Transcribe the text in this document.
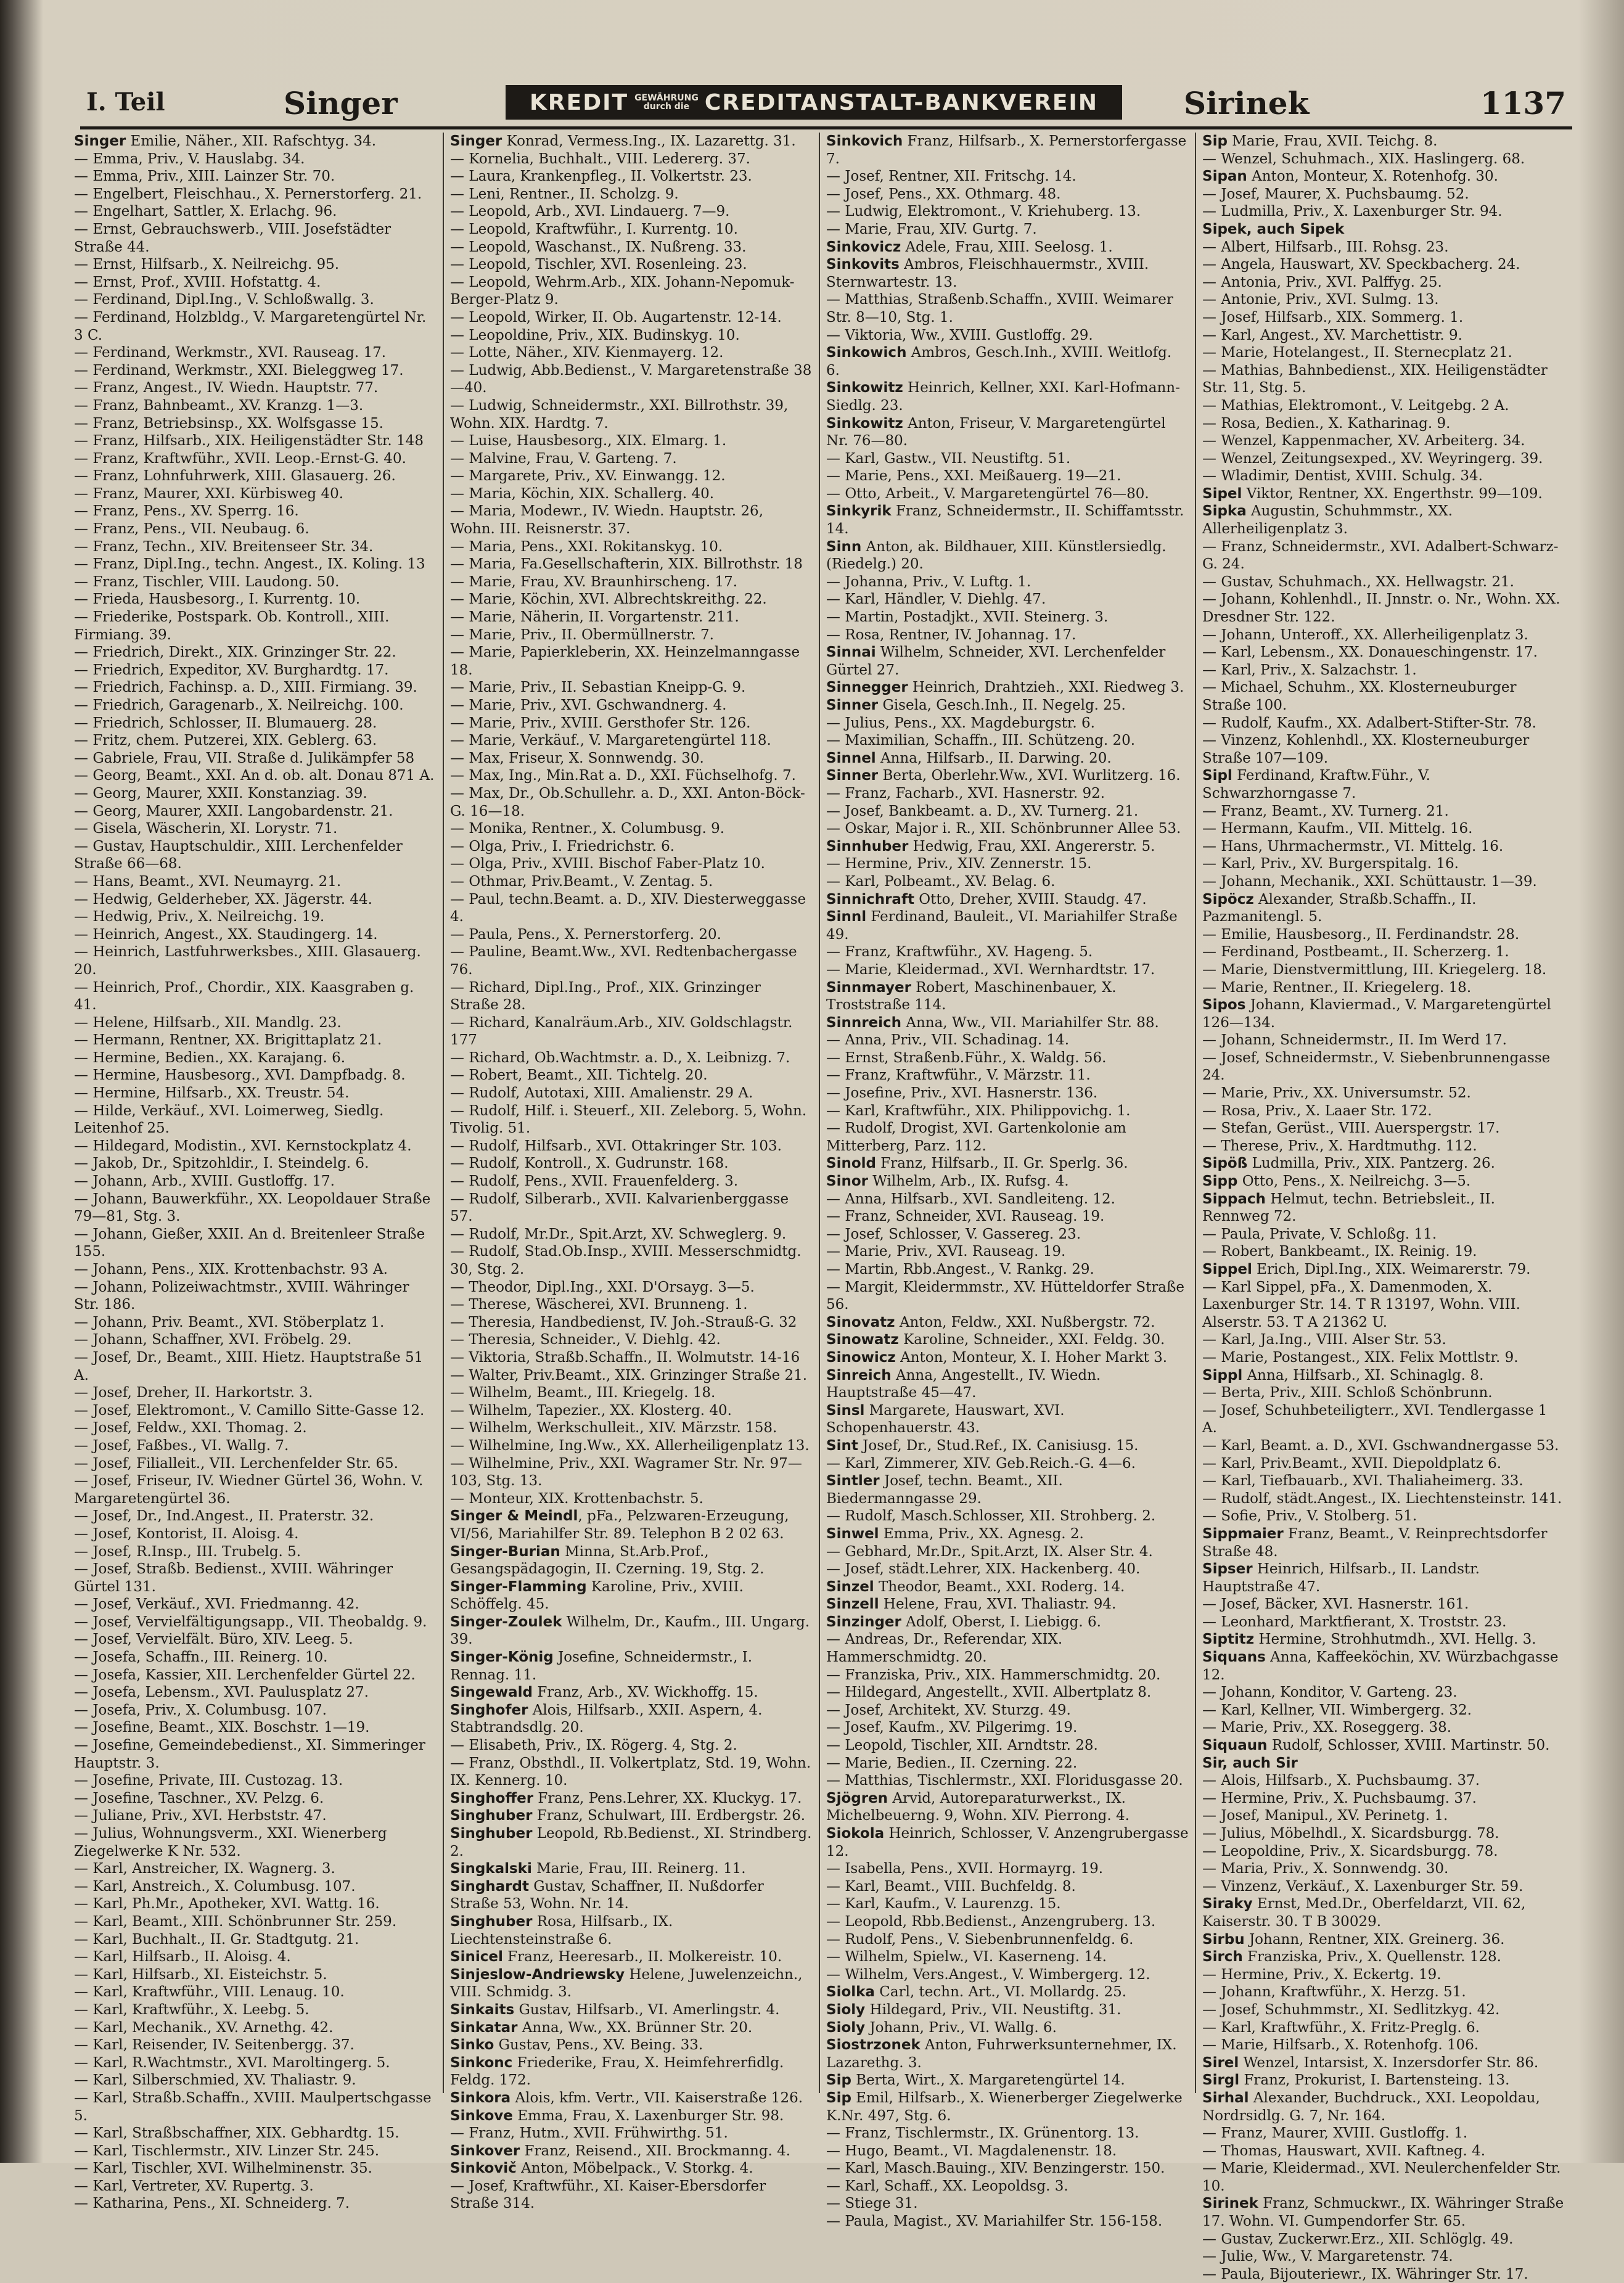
I. Teil	Singer	KREDIT GEWÄHRUNG
durch die CREDITANSTALT-BANKVEREIN	Sirinek	1137

Singer Emilie, Näher., XII. Rafschtyg. 34.

— Emma, Priv., V. Hauslabg. 34.

— Emma, Priv., XIII. Lainzer Str. 70.

— Engelbert, Fleischhau., X. Pernerstorferg. 21.

— Engelhart, Sattler, X. Erlachg. 96.

— Ernst, Gebrauchswerb., VIII. Josefstädter Straße 44.

— Ernst, Hilfsarb., X. Neilreichg. 95.

— Ernst, Prof., XVIII. Hofstattg. 4.

— Ferdinand, Dipl.Ing., V. Schloßwallg. 3.

— Ferdinand, Holzbldg., V. Margaretengürtel Nr. 3 C.

— Ferdinand, Werkmstr., XVI. Rauseag. 17.

— Ferdinand, Werkmstr., XXI. Bieleggweg 17.

— Franz, Angest., IV. Wiedn. Hauptstr. 77.

— Franz, Bahnbeamt., XV. Kranzg. 1—3.

— Franz, Betriebsinsp., XX. Wolfsgasse 15.

— Franz, Hilfsarb., XIX. Heiligenstädter Str. 148

— Franz, Kraftwführ., XVII. Leop.-Ernst-G. 40.

— Franz, Lohnfuhrwerk, XIII. Glasauerg. 26.

— Franz, Maurer, XXI. Kürbisweg 40.

— Franz, Pens., XV. Sperrg. 16.

— Franz, Pens., VII. Neubaug. 6.

— Franz, Techn., XIV. Breitenseer Str. 34.

— Franz, Dipl.Ing., techn. Angest., IX. Koling. 13

— Franz, Tischler, VIII. Laudong. 50.

— Frieda, Hausbesorg., I. Kurrentg. 10.

— Friederike, Postspark. Ob. Kontroll., XIII. Firmiang. 39.

— Friedrich, Direkt., XIX. Grinzinger Str. 22.

— Friedrich, Expeditor, XV. Burghardtg. 17.

— Friedrich, Fachinsp. a. D., XIII. Firmiang. 39.

— Friedrich, Garagenarb., X. Neilreichg. 100.

— Friedrich, Schlosser, II. Blumauerg. 28.

— Fritz, chem. Putzerei, XIX. Geblerg. 63.

— Gabriele, Frau, VII. Straße d. Julikämpfer 58

— Georg, Beamt., XXI. An d. ob. alt. Donau 871 A.

— Georg, Maurer, XXII. Konstanziag. 39.

— Georg, Maurer, XXII. Langobardenstr. 21.

— Gisela, Wäscherin, XI. Lorystr. 71.

— Gustav, Hauptschuldir., XIII. Lerchenfelder Straße 66—68.

— Hans, Beamt., XVI. Neumayrg. 21.

— Hedwig, Gelderheber, XX. Jägerstr. 44.

— Hedwig, Priv., X. Neilreichg. 19.

— Heinrich, Angest., XX. Staudingerg. 14.

— Heinrich, Lastfuhrwerksbes., XIII. Glasauerg. 20.

— Heinrich, Prof., Chordir., XIX. Kaasgraben g. 41.

— Helene, Hilfsarb., XII. Mandlg. 23.

— Hermann, Rentner, XX. Brigittaplatz 21.

— Hermine, Bedien., XX. Karajang. 6.

— Hermine, Hausbesorg., XVI. Dampfbadg. 8.

— Hermine, Hilfsarb., XX. Treustr. 54.

— Hilde, Verkäuf., XVI. Loimerweg, Siedlg. Leitenhof 25.

— Hildegard, Modistin., XVI. Kernstockplatz 4.

— Jakob, Dr., Spitzohldir., I. Steindelg. 6.

— Johann, Arb., XVIII. Gustloffg. 17.

— Johann, Bauwerkführ., XX. Leopoldauer Straße 79—81, Stg. 3.

— Johann, Gießer, XXII. An d. Breitenleer Straße 155.

— Johann, Pens., XIX. Krottenbachstr. 93 A.

— Johann, Polizeiwachtmstr., XVIII. Währinger Str. 186.

— Johann, Priv. Beamt., XVI. Stöberplatz 1.

— Johann, Schaffner, XVI. Fröbelg. 29.

— Josef, Dr., Beamt., XIII. Hietz. Hauptstraße 51 A.

— Josef, Dreher, II. Harkortstr. 3.

— Josef, Elektromont., V. Camillo Sitte-Gasse 12.

— Josef, Feldw., XXI. Thomag. 2.

— Josef, Faßbes., VI. Wallg. 7.

— Josef, Filialleit., VII. Lerchenfelder Str. 65.

— Josef, Friseur, IV. Wiedner Gürtel 36, Wohn. V. Margaretengürtel 36.

— Josef, Dr., Ind.Angest., II. Praterstr. 32.

— Josef, Kontorist, II. Aloisg. 4.

— Josef, R.Insp., III. Trubelg. 5.

— Josef, Straßb. Bedienst., XVIII. Währinger Gürtel 131.

— Josef, Verkäuf., XVI. Friedmanng. 42.

— Josef, Vervielfältigungsapp., VII. Theobaldg. 9.

— Josef, Vervielfält. Büro, XIV. Leeg. 5.

— Josefa, Schaffn., III. Reinerg. 10.

— Josefa, Kassier, XII. Lerchenfelder Gürtel 22.

— Josefa, Lebensm., XVI. Paulusplatz 27.

— Josefa, Priv., X. Columbusg. 107.

— Josefine, Beamt., XIX. Boschstr. 1—19.

— Josefine, Gemeindebedienst., XI. Simmeringer Hauptstr. 3.

— Josefine, Private, III. Custozag. 13.

— Josefine, Taschner., XV. Pelzg. 6.

— Juliane, Priv., XVI. Herbststr. 47.

— Julius, Wohnungsverm., XXI. Wienerberg Ziegelwerke K Nr. 532.

— Karl, Anstreicher, IX. Wagnerg. 3.

— Karl, Anstreich., X. Columbusg. 107.

— Karl, Ph.Mr., Apotheker, XVI. Wattg. 16.

— Karl, Beamt., XIII. Schönbrunner Str. 259.

— Karl, Buchhalt., II. Gr. Stadtgutg. 21.

— Karl, Hilfsarb., II. Aloisg. 4.

— Karl, Hilfsarb., XI. Eisteichstr. 5.

— Karl, Kraftwführ., VIII. Lenaug. 10.

— Karl, Kraftwführ., X. Leebg. 5.

— Karl, Mechanik., XV. Arnethg. 42.

— Karl, Reisender, IV. Seitenbergg. 37.

— Karl, R.Wachtmstr., XVI. Maroltingerg. 5.

— Karl, Silberschmied, XV. Thaliastr. 9.

— Karl, Straßb.Schaffn., XVIII. Maulpertschgasse 5.

— Karl, Straßbschaffner, XIX. Gebhardtg. 15.

— Karl, Tischlermstr., XIV. Linzer Str. 245.

— Karl, Tischler, XVI. Wilhelminenstr. 35.

— Karl, Vertreter, XV. Rupertg. 3.

— Katharina, Pens., XI. Schneiderg. 7.

Singer Konrad, Vermess.Ing., IX. Lazarettg. 31.

— Kornelia, Buchhalt., VIII. Ledererg. 37.

— Laura, Krankenpfleg., II. Volkertstr. 23.

— Leni, Rentner., II. Scholzg. 9.

— Leopold, Arb., XVI. Lindauerg. 7—9.

— Leopold, Kraftwführ., I. Kurrentg. 10.

— Leopold, Waschanst., IX. Nußreng. 33.

— Leopold, Tischler, XVI. Rosenleing. 23.

— Leopold, Wehrm.Arb., XIX. Johann-Nepomuk-Berger-Platz 9.

— Leopold, Wirker, II. Ob. Augartenstr. 12-14.

— Leopoldine, Priv., XIX. Budinskyg. 10.

— Lotte, Näher., XIV. Kienmayerg. 12.

— Ludwig, Abb.Bedienst., V. Margaretenstraße 38—40.

— Ludwig, Schneidermstr., XXI. Billrothstr. 39, Wohn. XIX. Hardtg. 7.

— Luise, Hausbesorg., XIX. Elmarg. 1.

— Malvine, Frau, V. Garteng. 7.

— Margarete, Priv., XV. Einwangg. 12.

— Maria, Köchin, XIX. Schallerg. 40.

— Maria, Modewr., IV. Wiedn. Hauptstr. 26, Wohn. III. Reisnerstr. 37.

— Maria, Pens., XXI. Rokitanskyg. 10.

— Maria, Fa.Gesellschafterin, XIX. Billrothstr. 18

— Marie, Frau, XV. Braunhirscheng. 17.

— Marie, Köchin, XVI. Albrechtskreithg. 22.

— Marie, Näherin, II. Vorgartenstr. 211.

— Marie, Priv., II. Obermüllnerstr. 7.

— Marie, Papierkleberin, XX. Heinzelmanngasse 18.

— Marie, Priv., II. Sebastian Kneipp-G. 9.

— Marie, Priv., XVI. Gschwandnerg. 4.

— Marie, Priv., XVIII. Gersthofer Str. 126.

— Marie, Verkäuf., V. Margaretengürtel 118.

— Max, Friseur, X. Sonnwendg. 30.

— Max, Ing., Min.Rat a. D., XXI. Füchselhofg. 7.

— Max, Dr., Ob.Schullehr. a. D., XXI. Anton-Böck-G. 16—18.

— Monika, Rentner., X. Columbusg. 9.

— Olga, Priv., I. Friedrichstr. 6.

— Olga, Priv., XVIII. Bischof Faber-Platz 10.

— Othmar, Priv.Beamt., V. Zentag. 5.

— Paul, techn.Beamt. a. D., XIV. Diesterweggasse 4.

— Paula, Pens., X. Pernerstorferg. 20.

— Pauline, Beamt.Ww., XVI. Redtenbachergasse 76.

— Richard, Dipl.Ing., Prof., XIX. Grinzinger Straße 28.

— Richard, Kanalräum.Arb., XIV. Goldschlagstr. 177

— Richard, Ob.Wachtmstr. a. D., X. Leibnizg. 7.

— Robert, Beamt., XII. Tichtelg. 20.

— Rudolf, Autotaxi, XIII. Amalienstr. 29 A.

— Rudolf, Hilf. i. Steuerf., XII. Zeleborg. 5, Wohn. Tivolig. 51.

— Rudolf, Hilfsarb., XVI. Ottakringer Str. 103.

— Rudolf, Kontroll., X. Gudrunstr. 168.

— Rudolf, Pens., XVII. Frauenfelderg. 3.

— Rudolf, Silberarb., XVII. Kalvarienberggasse 57.

— Rudolf, Mr.Dr., Spit.Arzt, XV. Schweglerg. 9.

— Rudolf, Stad.Ob.Insp., XVIII. Messerschmidtg. 30, Stg. 2.

— Theodor, Dipl.Ing., XXI. D'Orsayg. 3—5.

— Therese, Wäscherei, XVI. Brunneng. 1.

— Theresia, Handbedienst, IV. Joh.-Strauß-G. 32

— Theresia, Schneider., V. Diehlg. 42.

— Viktoria, Straßb.Schaffn., II. Wolmutstr. 14-16

— Walter, Priv.Beamt., XIX. Grinzinger Straße 21.

— Wilhelm, Beamt., III. Kriegelg. 18.

— Wilhelm, Tapezier., XX. Klosterg. 40.

— Wilhelm, Werkschulleit., XIV. Märzstr. 158.

— Wilhelmine, Ing.Ww., XX. Allerheiligenplatz 13.

— Wilhelmine, Priv., XXI. Wagramer Str. Nr. 97—103, Stg. 13.

— Monteur, XIX. Krottenbachstr. 5.

Singer & Meindl, pFa., Pelzwaren-Erzeugung, VI/56, Mariahilfer Str. 89. Telephon B 2 02 63.

Singer-Burian Minna, St.Arb.Prof., Gesangspädagogin, II. Czerning. 19, Stg. 2.

Singer-Flamming Karoline, Priv., XVIII. Schöffelg. 45.

Singer-Zoulek Wilhelm, Dr., Kaufm., III. Ungarg. 39.

Singer-König Josefine, Schneidermstr., I. Rennag. 11.

Singewald Franz, Arb., XV. Wickhoffg. 15.

Singhofer Alois, Hilfsarb., XXII. Aspern, 4. Stabtrandsdlg. 20.

— Elisabeth, Priv., IX. Rögerg. 4, Stg. 2.

— Franz, Obsthdl., II. Volkertplatz, Std. 19, Wohn. IX. Kennerg. 10.

Singhoffer Franz, Pens.Lehrer, XX. Kluckyg. 17.

Singhuber Franz, Schulwart, III. Erdbergstr. 26.

Singhuber Leopold, Rb.Bedienst., XI. Strindberg. 2.

Singkalski Marie, Frau, III. Reinerg. 11.

Singhardt Gustav, Schaffner, II. Nußdorfer Straße 53, Wohn. Nr. 14.

Singhuber Rosa, Hilfsarb., IX. Liechtensteinstraße 6.

Sinicel Franz, Heeresarb., II. Molkereistr. 10.

Sinjeslow-Andriewsky Helene, Juwelenzeichn., VIII. Schmidg. 3.

Sinkaits Gustav, Hilfsarb., VI. Amerlingstr. 4.

Sinkatar Anna, Ww., XX. Brünner Str. 20.

Sinko Gustav, Pens., XV. Being. 33.

Sinkonc Friederike, Frau, X. Heimfehrerfidlg. Feldg. 172.

Sinkora Alois, kfm. Vertr., VII. Kaiserstraße 126.

Sinkove Emma, Frau, X. Laxenburger Str. 98.

— Franz, Hutm., XVII. Frühwirthg. 51.

Sinkover Franz, Reisend., XII. Brockmanng. 4.

Sinkovič Anton, Möbelpack., V. Storkg. 4.

— Josef, Kraftwführ., XI. Kaiser-Ebersdorfer Straße 314.

Sinkovich Franz, Hilfsarb., X. Pernerstorfergasse 7.

— Josef, Rentner, XII. Fritschg. 14.

— Josef, Pens., XX. Othmarg. 48.

— Ludwig, Elektromont., V. Kriehuberg. 13.

— Marie, Frau, XIV. Gurtg. 7.

Sinkovicz Adele, Frau, XIII. Seelosg. 1.

Sinkovits Ambros, Fleischhauermstr., XVIII. Sternwartestr. 13.

— Matthias, Straßenb.Schaffn., XVIII. Weimarer Str. 8—10, Stg. 1.

— Viktoria, Ww., XVIII. Gustloffg. 29.

Sinkowich Ambros, Gesch.Inh., XVIII. Weitlofg. 6.

Sinkowitz Heinrich, Kellner, XXI. Karl-Hofmann-Siedlg. 23.

Sinkowitz Anton, Friseur, V. Margaretengürtel Nr. 76—80.

— Karl, Gastw., VII. Neustiftg. 51.

— Marie, Pens., XXI. Meißauerg. 19—21.

— Otto, Arbeit., V. Margaretengürtel 76—80.

Sinkyrik Franz, Schneidermstr., II. Schiffamtsstr. 14.

Sinn Anton, ak. Bildhauer, XIII. Künstlersiedlg. (Riedelg.) 20.

— Johanna, Priv., V. Luftg. 1.

— Karl, Händler, V. Diehlg. 47.

— Martin, Postadjkt., XVII. Steinerg. 3.

— Rosa, Rentner, IV. Johannag. 17.

Sinnai Wilhelm, Schneider, XVI. Lerchenfelder Gürtel 27.

Sinnegger Heinrich, Drahtzieh., XXI. Riedweg 3.

Sinner Gisela, Gesch.Inh., II. Negelg. 25.

— Julius, Pens., XX. Magdeburgstr. 6.

— Maximilian, Schaffn., III. Schützeng. 20.

Sinnel Anna, Hilfsarb., II. Darwing. 20.

Sinner Berta, Oberlehr.Ww., XVI. Wurlitzerg. 16.

— Franz, Facharb., XVI. Hasnerstr. 92.

— Josef, Bankbeamt. a. D., XV. Turnerg. 21.

— Oskar, Major i. R., XII. Schönbrunner Allee 53.

Sinnhuber Hedwig, Frau, XXI. Angererstr. 5.

— Hermine, Priv., XIV. Zennerstr. 15.

— Karl, Polbeamt., XV. Belag. 6.

Sinnichraft Otto, Dreher, XVIII. Staudg. 47.

Sinnl Ferdinand, Bauleit., VI. Mariahilfer Straße 49.

— Franz, Kraftwführ., XV. Hageng. 5.

— Marie, Kleidermad., XVI. Wernhardtstr. 17.

Sinnmayer Robert, Maschinenbauer, X. Troststraße 114.

Sinnreich Anna, Ww., VII. Mariahilfer Str. 88.

— Anna, Priv., VII. Schadinag. 14.

— Ernst, Straßenb.Führ., X. Waldg. 56.

— Franz, Kraftwführ., V. Märzstr. 11.

— Josefine, Priv., XVI. Hasnerstr. 136.

— Karl, Kraftwführ., XIX. Philippovichg. 1.

— Rudolf, Drogist, XVI. Gartenkolonie am Mitterberg, Parz. 112.

Sinold Franz, Hilfsarb., II. Gr. Sperlg. 36.

Sinor Wilhelm, Arb., IX. Rufsg. 4.

— Anna, Hilfsarb., XVI. Sandleiteng. 12.

— Franz, Schneider, XVI. Rauseag. 19.

— Josef, Schlosser, V. Gassereg. 23.

— Marie, Priv., XVI. Rauseag. 19.

— Martin, Rbb.Angest., V. Rankg. 29.

— Margit, Kleidermmstr., XV. Hütteldorfer Straße 56.

Sinovatz Anton, Feldw., XXI. Nußbergstr. 72.

Sinowatz Karoline, Schneider., XXI. Feldg. 30.

Sinowicz Anton, Monteur, X. I. Hoher Markt 3.

Sinreich Anna, Angestellt., IV. Wiedn. Hauptstraße 45—47.

Sinsl Margarete, Hauswart, XVI. Schopenhauerstr. 43.

Sint Josef, Dr., Stud.Ref., IX. Canisiusg. 15.

— Karl, Zimmerer, XIV. Geb.Reich.-G. 4—6.

Sintler Josef, techn. Beamt., XII. Biedermanngasse 29.

— Rudolf, Masch.Schlosser, XII. Strohberg. 2.

Sinwel Emma, Priv., XX. Agnesg. 2.

— Gebhard, Mr.Dr., Spit.Arzt, IX. Alser Str. 4.

— Josef, städt.Lehrer, XIX. Hackenberg. 40.

Sinzel Theodor, Beamt., XXI. Roderg. 14.

Sinzell Helene, Frau, XVI. Thaliastr. 94.

Sinzinger Adolf, Oberst, I. Liebigg. 6.

— Andreas, Dr., Referendar, XIX. Hammerschmidtg. 20.

— Franziska, Priv., XIX. Hammerschmidtg. 20.

— Hildegard, Angestellt., XVII. Albertplatz 8.

— Josef, Architekt, XV. Sturzg. 49.

— Josef, Kaufm., XV. Pilgerimg. 19.

— Leopold, Tischler, XII. Arndtstr. 28.

— Marie, Bedien., II. Czerning. 22.

— Matthias, Tischlermstr., XXI. Floridusgasse 20.

Sjögren Arvid, Autoreparaturwerkst., IX. Michelbeuerng. 9, Wohn. XIV. Pierrong. 4.

Siokola Heinrich, Schlosser, V. Anzengrubergasse 12.

— Isabella, Pens., XVII. Hormayrg. 19.

— Karl, Beamt., VIII. Buchfeldg. 8.

— Karl, Kaufm., V. Laurenzg. 15.

— Leopold, Rbb.Bedienst., Anzengruberg. 13.

— Rudolf, Pens., V. Siebenbrunnenfeldg. 6.

— Wilhelm, Spielw., VI. Kaserneng. 14.

— Wilhelm, Vers.Angest., V. Wimbergerg. 12.

Siolka Carl, techn. Art., VI. Mollardg. 25.

Sioly Hildegard, Priv., VII. Neustiftg. 31.

Sioly Johann, Priv., VI. Wallg. 6.

Siostrzonek Anton, Fuhrwerksunternehmer, IX. Lazarethg. 3.

Sip Berta, Wirt., X. Margaretengürtel 14.

Sip Emil, Hilfsarb., X. Wienerberger Ziegelwerke K.Nr. 497, Stg. 6.

— Franz, Tischlermstr., IX. Grünentorg. 13.

— Hugo, Beamt., VI. Magdalenenstr. 18.

— Karl, Masch.Bauing., XIV. Benzingerstr. 150.

— Karl, Schaff., XX. Leopoldsg. 3.

— Stiege 31.

— Paula, Magist., XV. Mariahilfer Str. 156-158.

Sip Marie, Frau, XVII. Teichg. 8.

— Wenzel, Schuhmach., XIX. Haslingerg. 68.

Sipan Anton, Monteur, X. Rotenhofg. 30.

— Josef, Maurer, X. Puchsbaumg. 52.

— Ludmilla, Priv., X. Laxenburger Str. 94.

Sipek, auch Sipek

— Albert, Hilfsarb., III. Rohsg. 23.

— Angela, Hauswart, XV. Speckbacherg. 24.

— Antonia, Priv., XVI. Palffyg. 25.

— Antonie, Priv., XVI. Sulmg. 13.

— Josef, Hilfsarb., XIX. Sommerg. 1.

— Karl, Angest., XV. Marchettistr. 9.

— Marie, Hotelangest., II. Sternecplatz 21.

— Mathias, Bahnbedienst., XIX. Heiligenstädter Str. 11, Stg. 5.

— Mathias, Elektromont., V. Leitgebg. 2 A.

— Rosa, Bedien., X. Katharinag. 9.

— Wenzel, Kappenmacher, XV. Arbeiterg. 34.

— Wenzel, Zeitungsexped., XV. Weyringerg. 39.

— Wladimir, Dentist, XVIII. Schulg. 34.

Sipel Viktor, Rentner, XX. Engerthstr. 99—109.

Sipka Augustin, Schuhmmstr., XX. Allerheiligenplatz 3.

— Franz, Schneidermstr., XVI. Adalbert-Schwarz-G. 24.

— Gustav, Schuhmach., XX. Hellwagstr. 21.

— Johann, Kohlenhdl., II. Jnnstr. o. Nr., Wohn. XX. Dresdner Str. 122.

— Johann, Unteroff., XX. Allerheiligenplatz 3.

— Karl, Lebensm., XX. Donaueschingenstr. 17.

— Karl, Priv., X. Salzachstr. 1.

— Michael, Schuhm., XX. Klosterneuburger Straße 100.

— Rudolf, Kaufm., XX. Adalbert-Stifter-Str. 78.

— Vinzenz, Kohlenhdl., XX. Klosterneuburger Straße 107—109.

Sipl Ferdinand, Kraftw.Führ., V. Schwarzhorngasse 7.

— Franz, Beamt., XV. Turnerg. 21.

— Hermann, Kaufm., VII. Mittelg. 16.

— Hans, Uhrmachermstr., VI. Mittelg. 16.

— Karl, Priv., XV. Burgerspitalg. 16.

— Johann, Mechanik., XXI. Schüttaustr. 1—39.

Sipöcz Alexander, Straßb.Schaffn., II. Pazmanitengl. 5.

— Emilie, Hausbesorg., II. Ferdinandstr. 28.

— Ferdinand, Postbeamt., II. Scherzerg. 1.

— Marie, Dienstvermittlung, III. Kriegelerg. 18.

— Marie, Rentner., II. Kriegelerg. 18.

Sipos Johann, Klaviermad., V. Margaretengürtel 126—134.

— Johann, Schneidermstr., II. Im Werd 17.

— Josef, Schneidermstr., V. Siebenbrunnengasse 24.

— Marie, Priv., XX. Universumstr. 52.

— Rosa, Priv., X. Laaer Str. 172.

— Stefan, Gerüst., VIII. Auerspergstr. 17.

— Therese, Priv., X. Hardtmuthg. 112.

Sipöß Ludmilla, Priv., XIX. Pantzerg. 26.

Sipp Otto, Pens., X. Neilreichg. 3—5.

Sippach Helmut, techn. Betriebsleit., II. Rennweg 72.

— Paula, Private, V. Schloßg. 11.

— Robert, Bankbeamt., IX. Reinig. 19.

Sippel Erich, Dipl.Ing., XIX. Weimarerstr. 79.

— Karl Sippel, pFa., X. Damenmoden, X. Laxenburger Str. 14. T R 13197, Wohn. VIII. Alserstr. 53. T A 21362 U.

— Karl, Ja.Ing., VIII. Alser Str. 53.

— Marie, Postangest., XIX. Felix Mottlstr. 9.

Sippl Anna, Hilfsarb., XI. Schinaglg. 8.

— Berta, Priv., XIII. Schloß Schönbrunn.

— Josef, Schuhbeteiligterr., XVI. Tendlergasse 1 A.

— Karl, Beamt. a. D., XVI. Gschwandnergasse 53.

— Karl, Priv.Beamt., XVII. Diepoldplatz 6.

— Karl, Tiefbauarb., XVI. Thaliaheimerg. 33.

— Rudolf, städt.Angest., IX. Liechtensteinstr. 141.

— Sofie, Priv., V. Stolberg. 51.

Sippmaier Franz, Beamt., V. Reinprechtsdorfer Straße 48.

Sipser Heinrich, Hilfsarb., II. Landstr. Hauptstraße 47.

— Josef, Bäcker, XVI. Hasnerstr. 161.

— Leonhard, Marktfierant, X. Troststr. 23.

Siptitz Hermine, Strohhutmdh., XVI. Hellg. 3.

Siquans Anna, Kaffeeköchin, XV. Würzbachgasse 12.

— Johann, Konditor, V. Garteng. 23.

— Karl, Kellner, VII. Wimbergerg. 32.

— Marie, Priv., XX. Roseggerg. 38.

Siquaun Rudolf, Schlosser, XVIII. Martinstr. 50.

Sir, auch Sir

— Alois, Hilfsarb., X. Puchsbaumg. 37.

— Hermine, Priv., X. Puchsbaumg. 37.

— Josef, Manipul., XV. Perinetg. 1.

— Julius, Möbelhdl., X. Sicardsburgg. 78.

— Leopoldine, Priv., X. Sicardsburgg. 78.

— Maria, Priv., X. Sonnwendg. 30.

— Vinzenz, Verkäuf., X. Laxenburger Str. 59.

Siraky Ernst, Med.Dr., Oberfeldarzt, VII. 62, Kaiserstr. 30. T B 30029.

Sirbu Johann, Rentner, XIX. Greinerg. 36.

Sirch Franziska, Priv., X. Quellenstr. 128.

— Hermine, Priv., X. Eckertg. 19.

— Johann, Kraftwführ., X. Herzg. 51.

— Josef, Schuhmmstr., XI. Sedlitzkyg. 42.

— Karl, Kraftwführ., X. Fritz-Preglg. 6.

— Marie, Hilfsarb., X. Rotenhofg. 106.

Sirel Wenzel, Intarsist, X. Inzersdorfer Str. 86.

Sirgl Franz, Prokurist, I. Bartensteing. 13.

Sirhal Alexander, Buchdruck., XXI. Leopoldau, Nordrsidlg. G. 7, Nr. 164.

— Franz, Maurer, XVIII. Gustloffg. 1.

— Thomas, Hauswart, XVII. Kaftneg. 4.

— Marie, Kleidermad., XVI. Neulerchenfelder Str. 10.

Sirinek Franz, Schmuckwr., IX. Währinger Straße 17. Wohn. VI. Gumpendorfer Str. 65.

— Gustav, Zuckerwr.Erz., XII. Schlöglg. 49.

— Julie, Ww., V. Margaretenstr. 74.

— Paula, Bijouteriewr., IX. Währinger Str. 17.
